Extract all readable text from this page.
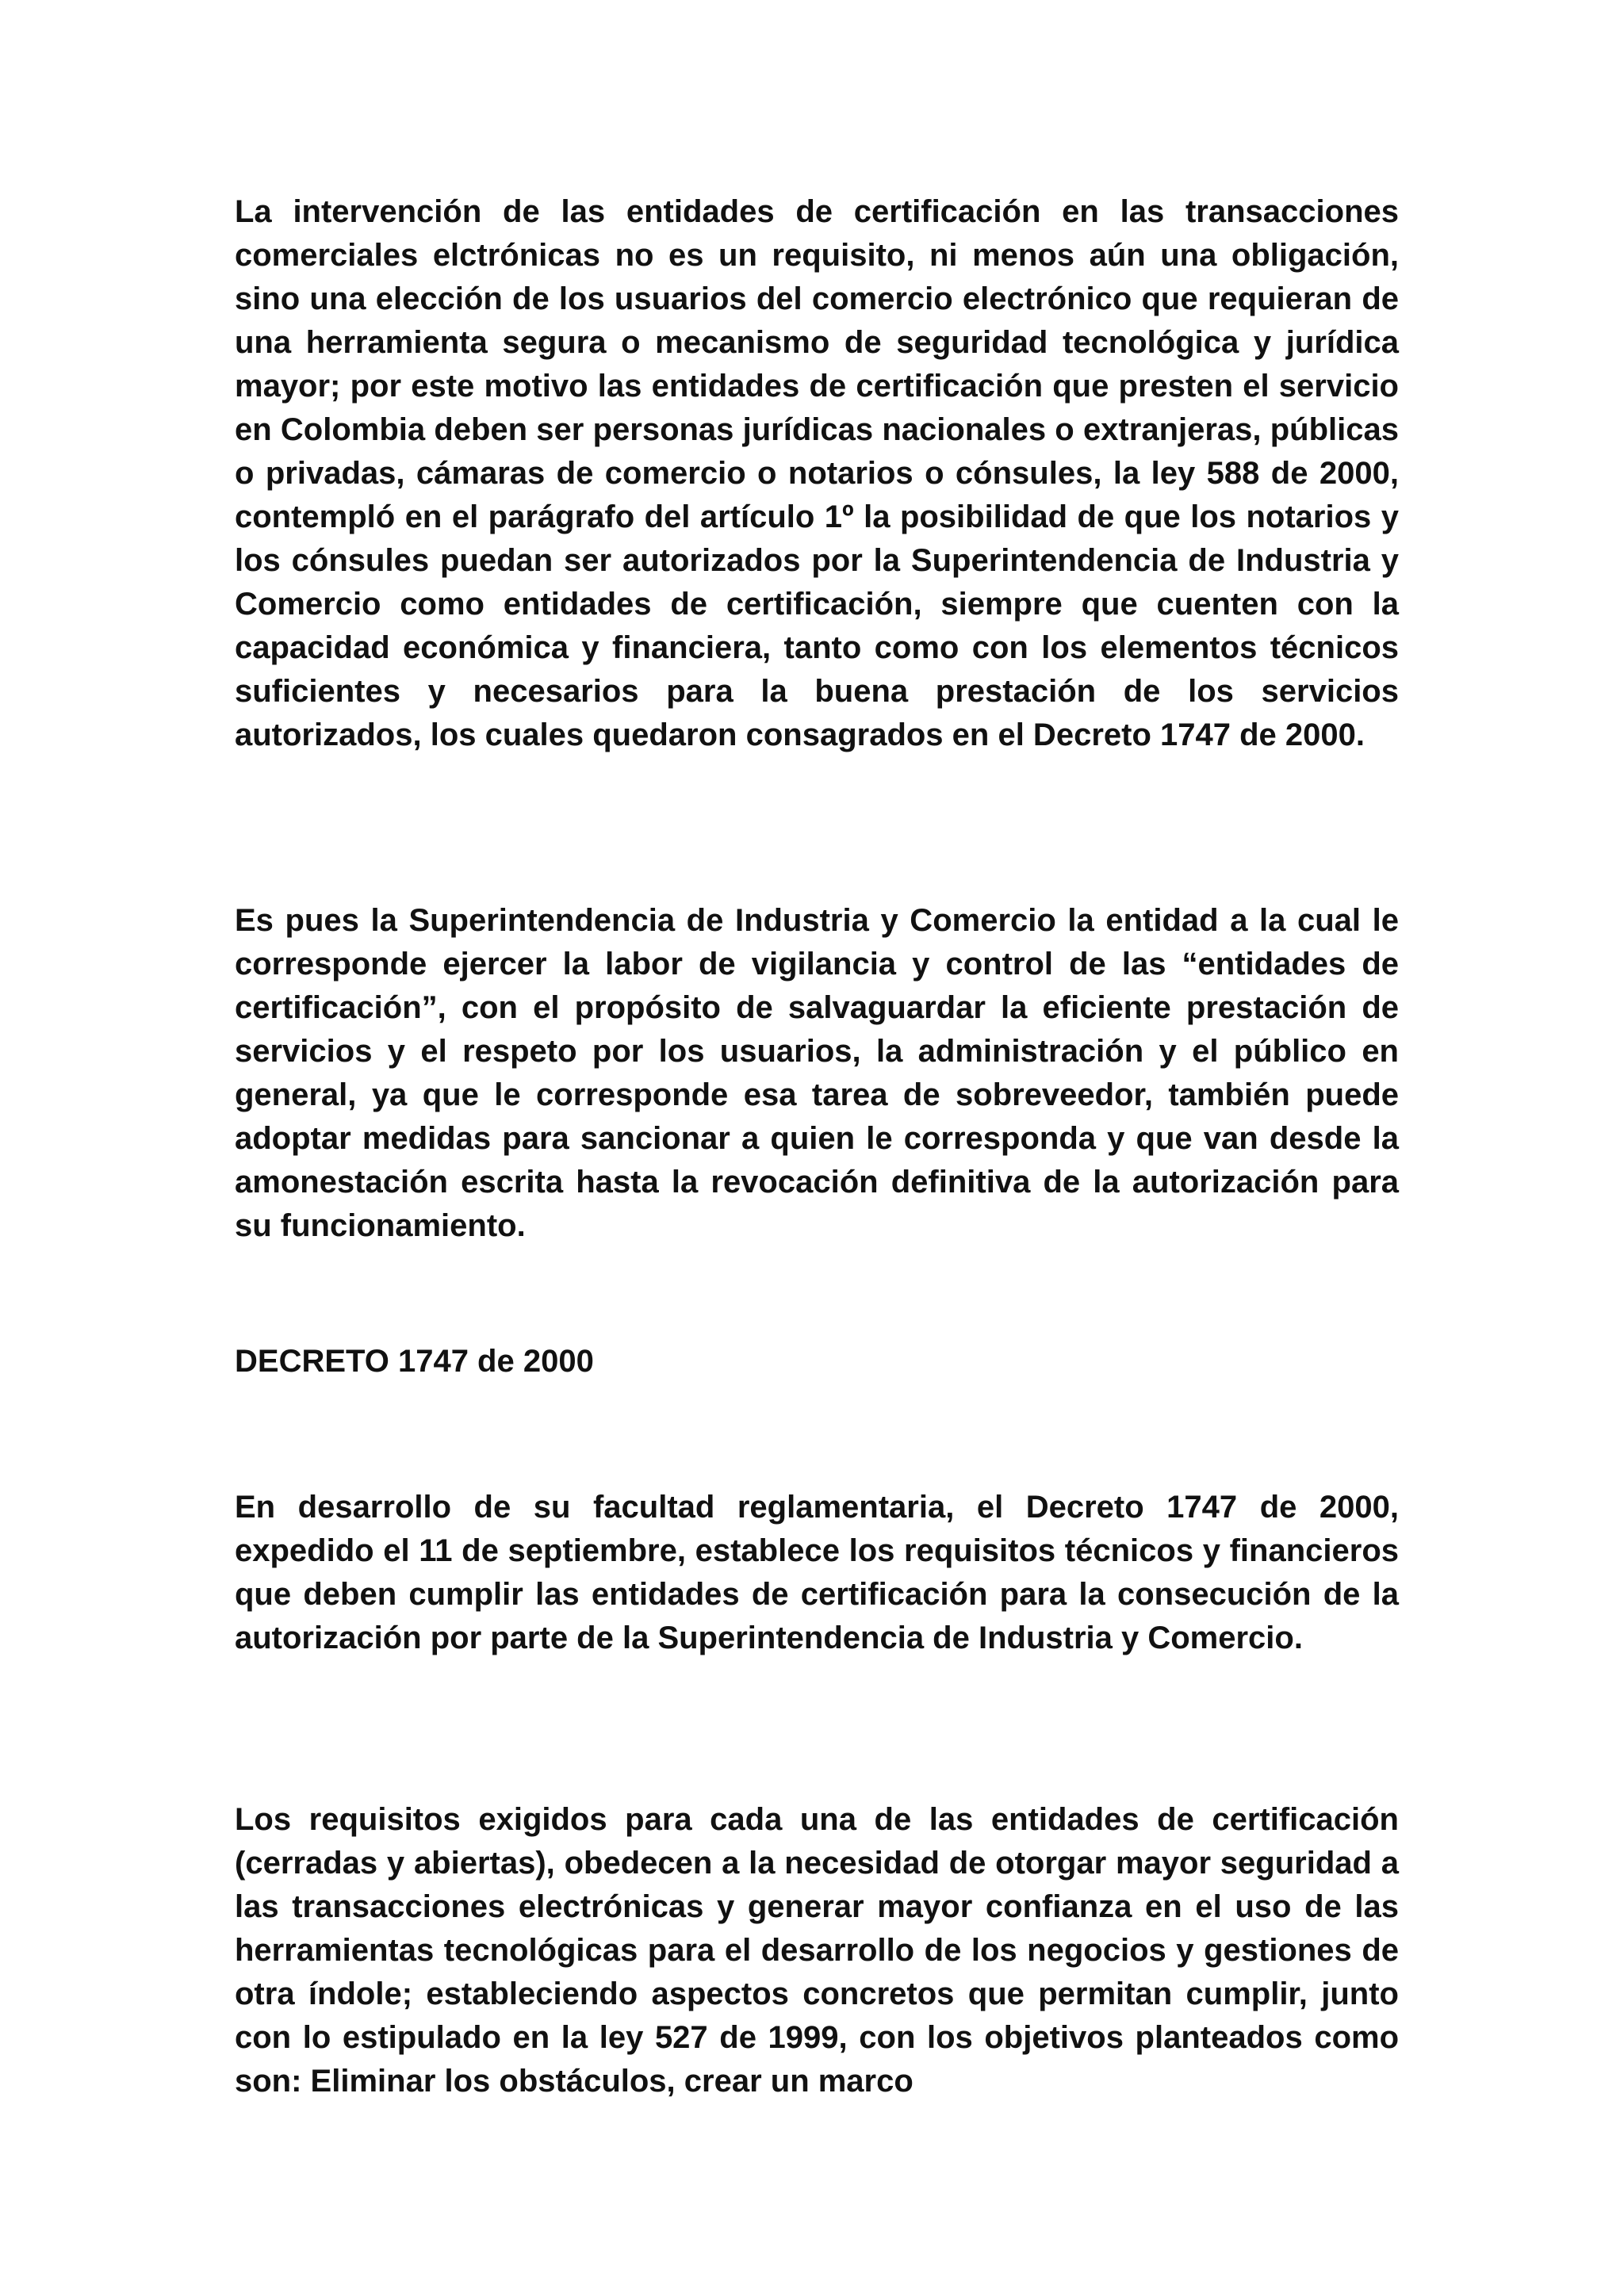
La intervención de las entidades de certificación en las transacciones comerciales elctrónicas no es un requisito, ni menos aún una obligación, sino una elección de los usuarios del comercio electrónico que requieran de una herramienta segura o mecanismo de seguridad tecnológica y jurídica mayor; por este motivo las entidades de certificación que presten el servicio en Colombia deben ser personas jurídicas nacionales o extranjeras, públicas o privadas, cámaras de comercio o notarios o cónsules, la ley 588 de 2000, contempló en el parágrafo del artículo 1º la posibilidad de que los notarios y los cónsules puedan ser autorizados por la Superintendencia de Industria y Comercio como entidades de certificación, siempre que cuenten con la capacidad económica y financiera, tanto como con los elementos técnicos suficientes y necesarios para la buena prestación de los servicios autorizados, los cuales quedaron consagrados en el Decreto 1747 de 2000.

Es pues la Superintendencia de Industria y Comercio la entidad a la cual le corresponde ejercer la labor de vigilancia y control de las “entidades de certificación”, con el propósito de salvaguardar la eficiente prestación de servicios y el respeto por los usuarios, la administración y el público en general, ya que le corresponde esa tarea de sobreveedor, también puede adoptar medidas para sancionar a quien le corresponda y que van desde la amonestación escrita hasta la revocación definitiva de la autorización para su funcionamiento.

DECRETO 1747 de 2000

En desarrollo de su facultad reglamentaria, el Decreto 1747 de 2000, expedido el 11 de septiembre, establece los requisitos técnicos y financieros que deben cumplir las entidades de certificación para la consecución de la autorización por parte de la Superintendencia de Industria y Comercio.

Los requisitos exigidos para cada una de las entidades de certificación (cerradas y abiertas), obedecen a la necesidad de otorgar mayor seguridad a las transacciones electrónicas y generar mayor confianza en el uso de las herramientas tecnológicas para el desarrollo de los negocios y gestiones de otra índole; estableciendo aspectos concretos que permitan cumplir, junto con lo estipulado en la ley 527 de 1999, con los objetivos planteados como son: Eliminar los obstáculos, crear un marco
